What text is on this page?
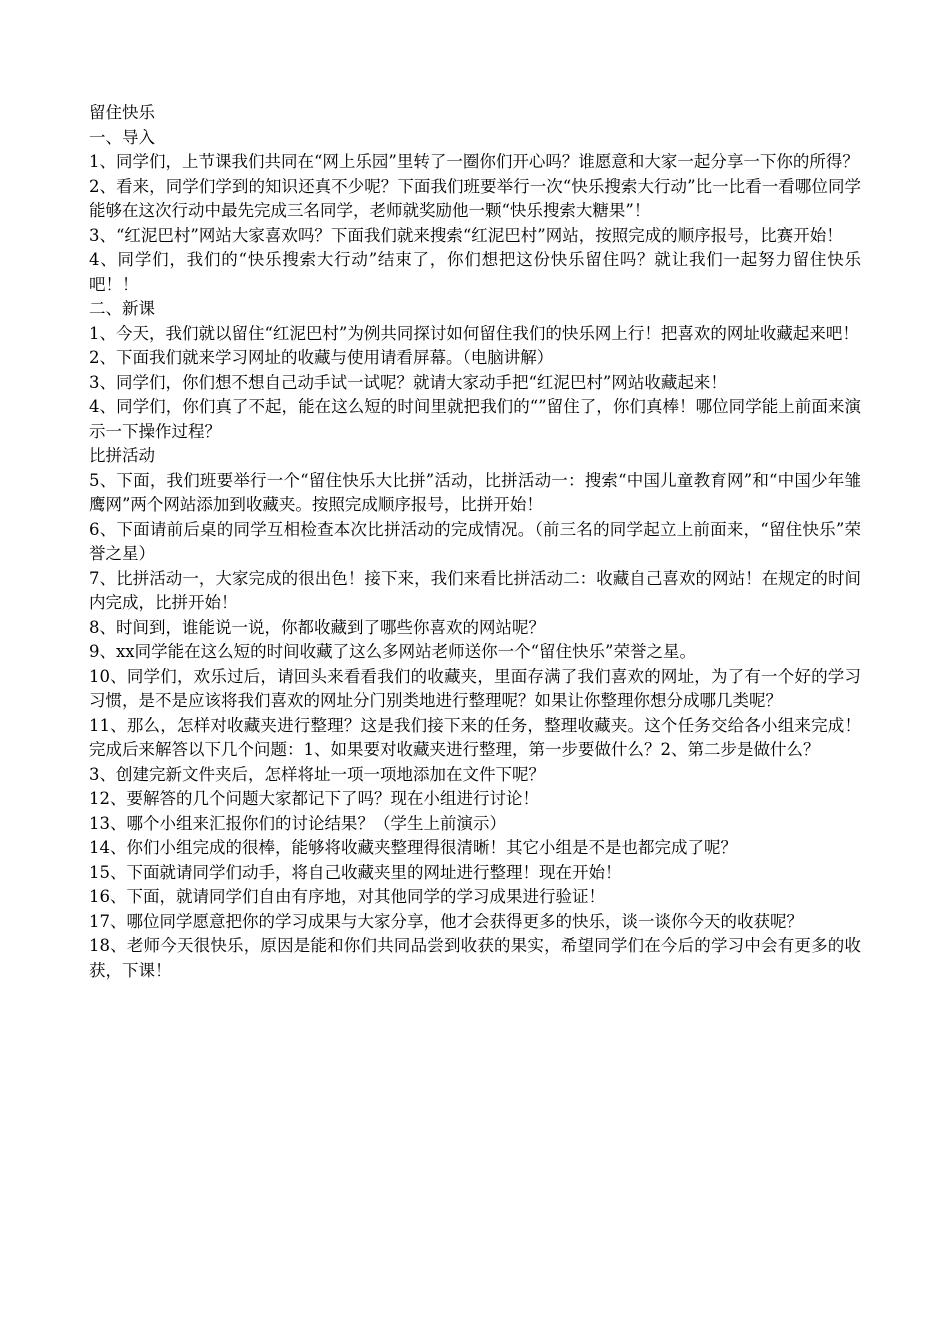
留住快乐

一、导入

1、同学们，上节课我们共同在“网上乐园”里转了一圈你们开心吗？谁愿意和大家一起分享一下你的所得？

2、看来，同学们学到的知识还真不少呢？下面我们班要举行一次“快乐搜索大行动”比一比看一看哪位同学能够在这次行动中最先完成三名同学，老师就奖励他一颗“快乐搜索大糖果”！

3、“红泥巴村”网站大家喜欢吗？下面我们就来搜索“红泥巴村”网站，按照完成的顺序报号，比赛开始！

4、同学们，我们的“快乐搜索大行动”结束了，你们想把这份快乐留住吗？就让我们一起努力留住快乐吧！！

二、新课

1、今天，我们就以留住“红泥巴村”为例共同探讨如何留住我们的快乐网上行！把喜欢的网址收藏起来吧！

2、下面我们就来学习网址的收藏与使用请看屏幕。（电脑讲解）

3、同学们，你们想不想自己动手试一试呢？就请大家动手把“红泥巴村”网站收藏起来！

4、同学们，你们真了不起，能在这么短的时间里就把我们的“”留住了，你们真棒！哪位同学能上前面来演示一下操作过程？

比拼活动

5、下面，我们班要举行一个“留住快乐大比拼”活动，比拼活动一：搜索“中国儿童教育网”和“中国少年雏鹰网”两个网站添加到收藏夹。按照完成顺序报号，比拼开始！

6、下面请前后桌的同学互相检查本次比拼活动的完成情况。（前三名的同学起立上前面来，“留住快乐”荣誉之星）

7、比拼活动一，大家完成的很出色！接下来，我们来看比拼活动二：收藏自己喜欢的网站！在规定的时间内完成，比拼开始！

8、时间到，谁能说一说，你都收藏到了哪些你喜欢的网站呢？

9、xx同学能在这么短的时间收藏了这么多网站老师送你一个“留住快乐”荣誉之星。

10、同学们，欢乐过后，请回头来看看我们的收藏夹，里面存满了我们喜欢的网址，为了有一个好的学习习惯，是不是应该将我们喜欢的网址分门别类地进行整理呢？如果让你整理你想分成哪几类呢？

11、那么，怎样对收藏夹进行整理？这是我们接下来的任务，整理收藏夹。这个任务交给各小组来完成！完成后来解答以下几个问题：1、如果要对收藏夹进行整理，第一步要做什么？2、第二步是做什么？

3、创建完新文件夹后，怎样将址一项一项地添加在文件下呢？

12、要解答的几个问题大家都记下了吗？现在小组进行讨论！

13、哪个小组来汇报你们的讨论结果？（学生上前演示）

14、你们小组完成的很棒，能够将收藏夹整理得很清晰！其它小组是不是也都完成了呢？

15、下面就请同学们动手，将自己收藏夹里的网址进行整理！现在开始！

16、下面，就请同学们自由有序地，对其他同学的学习成果进行验证！

17、哪位同学愿意把你的学习成果与大家分享，他才会获得更多的快乐，谈一谈你今天的收获呢？

18、老师今天很快乐，原因是能和你们共同品尝到收获的果实，希望同学们在今后的学习中会有更多的收获，下课！
